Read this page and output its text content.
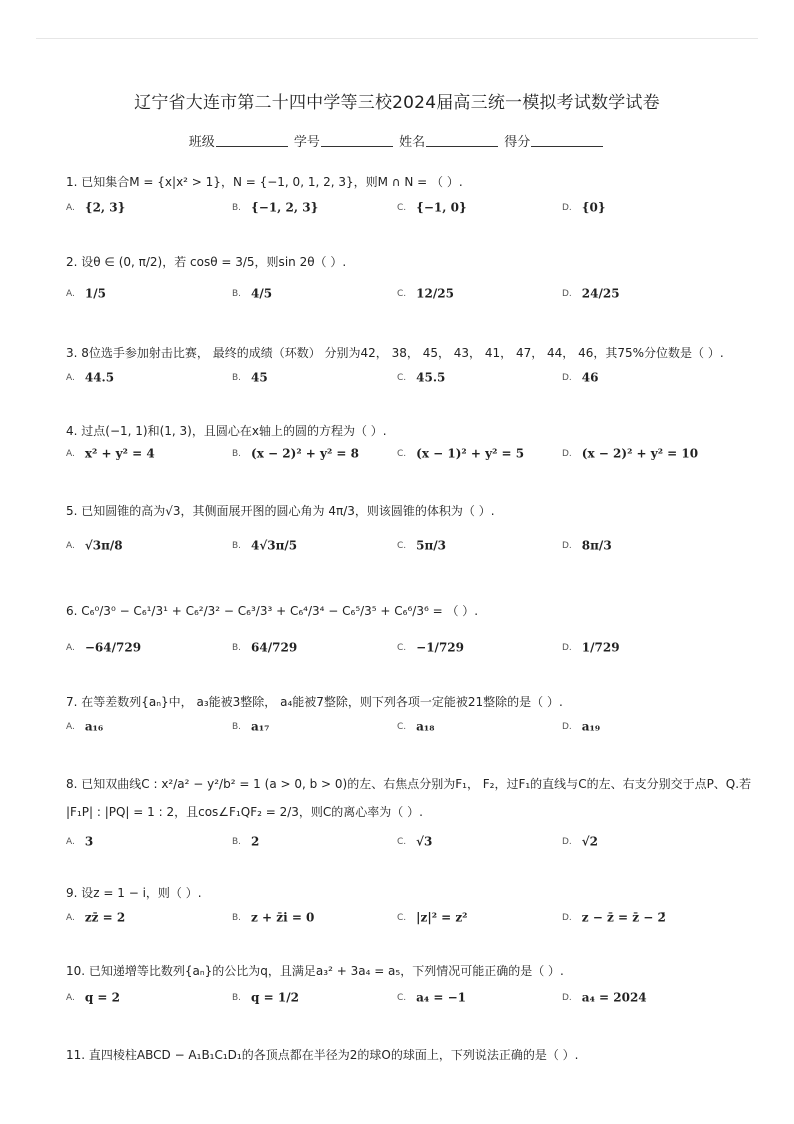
辽宁省大连市第二十四中学等三校2024届高三统一模拟考试数学试卷
班级	学号	姓名	得分
1. 已知集合M = {x|x² > 1}，N = {−1, 0, 1, 2, 3}，则M ∩ N = （ ）.
A. {2, 3}	B. {−1, 2, 3}	C. {−1, 0}	D. {0}
2. 设θ ∈ (0, π/2)，若 cosθ = 3/5，则sin 2θ（ ）.
A. 1/5	B. 4/5	C. 12/25	D. 24/25
3. 8位选手参加射击比赛， 最终的成绩（环数） 分别为42， 38， 45， 43， 41， 47， 44， 46，其75%分位数是（ ）.
A. 44.5	B. 45	C. 45.5	D. 46
4. 过点(−1, 1)和(1, 3)，且圆心在x轴上的圆的方程为（ ）.
A. x² + y² = 4	B. (x − 2)² + y² = 8	C. (x − 1)² + y² = 5	D. (x − 2)² + y² = 10
5. 已知圆锥的高为√3，其侧面展开图的圆心角为 4π/3，则该圆锥的体积为（ ）.
A. √3π/8	B. 4√3π/5	C. 5π/3	D. 8π/3
6. C₆⁰/3⁰ − C₆¹/3¹ + C₆²/3² − C₆³/3³ + C₆⁴/3⁴ − C₆⁵/3⁵ + C₆⁶/3⁶ = （ ）.
A. −64/729	B. 64/729	C. −1/729	D. 1/729
7. 在等差数列{aₙ}中， a₃能被3整除， a₄能被7整除，则下列各项一定能被21整除的是（ ）.
A. a₁₆	B. a₁₇	C. a₁₈	D. a₁₉
8. 已知双曲线C : x²/a² − y²/b² = 1 (a > 0, b > 0)的左、右焦点分别为F₁， F₂，过F₁的直线与C的左、右支分别交于点P、Q.若
|F₁P| : |PQ| = 1 : 2，且cos∠F₁QF₂ = 2/3，则C的离心率为（ ）.
A. 3	B. 2	C. √3	D. √2
9. 设z = 1 − i，则（ ）.
A. zz̄ = 2	B. z + z̄i = 0	C. |z|² = z²	D. z − z̄ = z̄ − 2̄
10. 已知递增等比数列{aₙ}的公比为q，且满足a₃² + 3a₄ = a₅，下列情况可能正确的是（ ）.
A. q = 2	B. q = 1/2	C. a₄ = −1	D. a₄ = 2024
11. 直四棱柱ABCD − A₁B₁C₁D₁的各顶点都在半径为2的球O的球面上，下列说法正确的是（ ）.
